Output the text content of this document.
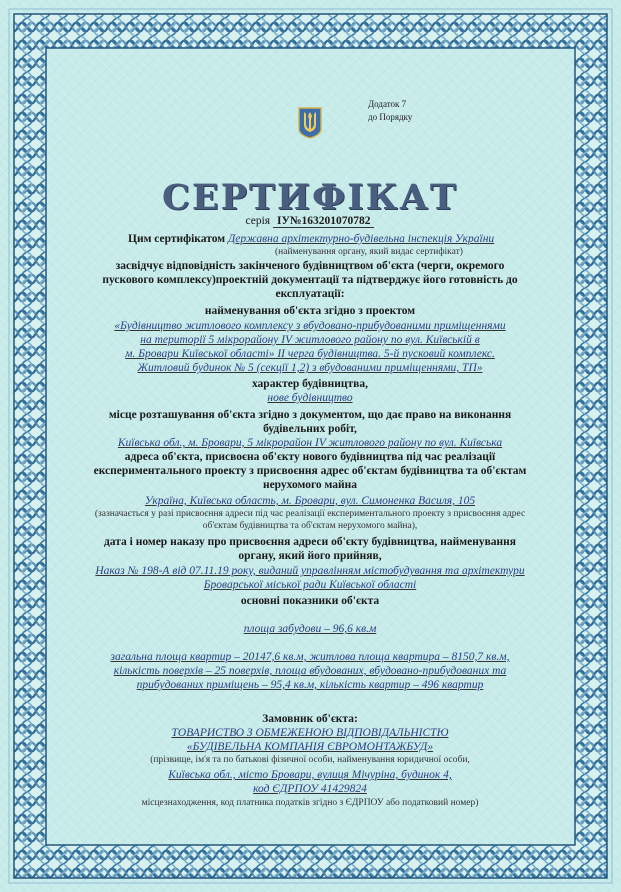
Додаток 7
до Порядку
СЕРТИФІКАТ
серія ІУ№163201070782
Цим сертифікатом Державна архітектурно-будівельна інспекція України
(найменування органу, який видає сертифікат)
засвідчує відповідність закінченого будівництвом об'єкта (черги, окремого
пускового комплексу)проектній документації та підтверджує його готовність до
експлуатації:
найменування об'єкта згідно з проектом
«Будівництво житлового комплексу з вбудовано-прибудованими приміщеннями
на території 5 мікрорайону ІV житлового району по вул. Київській в
м. Бровари Київської області» ІІ черга будівництва. 5-й пусковий комплекс.
Житловий будинок № 5 (секції 1,2) з вбудованими приміщеннями, ТП»
характер будівництва,
нове будівництво
місце розташування об'єкта згідно з документом, що дає право на виконання
будівельних робіт,
Київська обл., м. Бровари, 5 мікрорайон ІV житлового району по вул. Київська
адреса об'єкта, присвоєна об'єкту нового будівництва під час реалізації
експериментального проекту з присвоєння адрес об'єктам будівництва та об'єктам
нерухомого майна
Україна, Київська область, м. Бровари, вул. Симоненка Василя, 105
(зазначається у разі присвоєння адреси під час реалізації експериментального проекту з присвоєння адрес
об'єктам будівництва та об'єктам нерухомого майна),
дата і номер наказу про присвоєння адреси об'єкту будівництва, найменування
органу, який його прийняв,
Наказ № 198-А від 07.11.19 року, виданий управлінням містобудування та архітектури
Броварської міської ради Київської області
основні показники об'єкта
площа забудови – 96,6 кв.м
загальна площа квартир – 20147,6 кв.м, житлова площа квартира – 8150,7 кв.м,
кількість поверхів – 25 поверхів, площа вбудованих, вбудовано-прибудованих та
прибудованих приміщень – 95,4 кв.м, кількість квартир – 496 квартир
Замовник об'єкта:
ТОВАРИСТВО З ОБМЕЖЕНОЮ ВІДПОВІДАЛЬНІСТЮ
«БУДІВЕЛЬНА КОМПАНІЯ ЄВРОМОНТАЖБУД»
(прізвище, ім'я та по батькові фізичної особи, найменування юридичної особи,
Київська обл., місто Бровари, вулиця Мічуріна, будинок 4,
код ЄДРПОУ 41429824
місцезнаходження, код платника податків згідно з ЄДРПОУ або податковий номер)
